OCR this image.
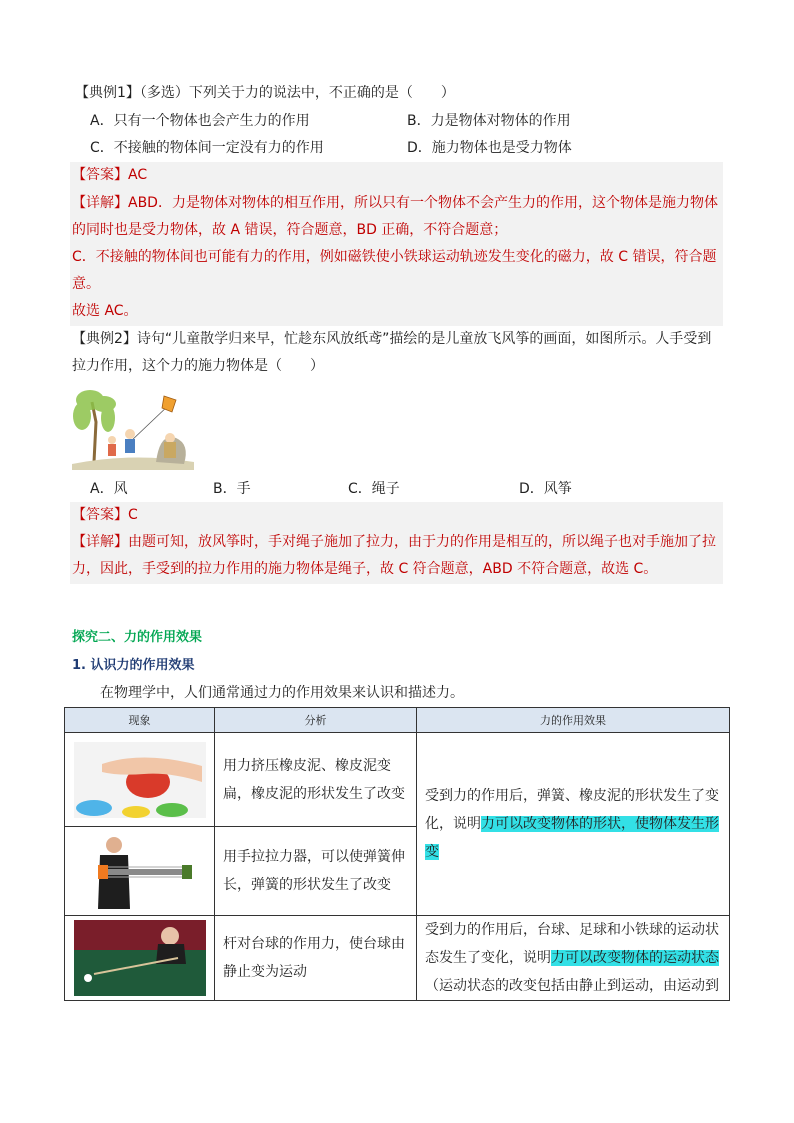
【典例1】（多选）下列关于力的说法中，不正确的是（　　）
A．只有一个物体也会产生力的作用	B．力是物体对物体的作用
C．不接触的物体间一定没有力的作用	D．施力物体也是受力物体
【答案】AC
【详解】ABD．力是物体对物体的相互作用，所以只有一个物体不会产生力的作用，这个物体是施力物体
的同时也是受力物体，故 A 错误，符合题意，BD 正确，不符合题意；
C．不接触的物体间也可能有力的作用，例如磁铁使小铁球运动轨迹发生变化的磁力，故 C 错误，符合题
意。
故选 AC。
【典例2】诗句“儿童散学归来早，忙趁东风放纸鸢”描绘的是儿童放飞风筝的画面，如图所示。人手受到
拉力作用，这个力的施力物体是（　　）
A．风	B．手	C．绳子	D．风筝
【答案】C
【详解】由题可知，放风筝时，手对绳子施加了拉力，由于力的作用是相互的，所以绳子也对手施加了拉
力，因此，手受到的拉力作用的施力物体是绳子，故 C 符合题意，ABD 不符合题意，故选 C。
探究二、力的作用效果
1. 认识力的作用效果
在物理学中，人们通常通过力的作用效果来认识和描述力。
现象	分析	力的作用效果

用力挤压橡皮泥、橡皮泥变扁，橡皮泥的形状发生了改变	受到力的作用后，弹簧、橡皮泥的形状发生了变化，说明力可以改变物体的形状，使物体发生形变

用手拉拉力器，可以使弹簧伸长，弹簧的形状发生了改变	

杆对台球的作用力，使台球由静止变为运动	受到力的作用后，台球、足球和小铁球的运动状态发生了变化，说明力可以改变物体的运动状态（运动状态的改变包括由静止到运动，由运动到
